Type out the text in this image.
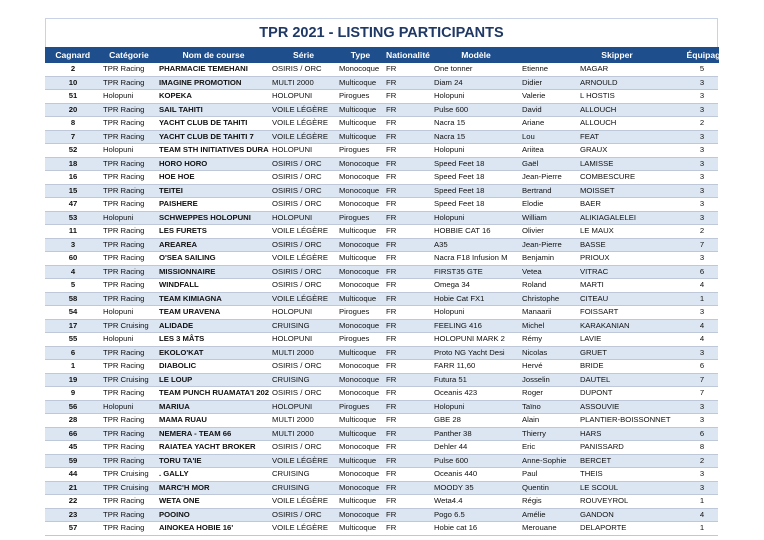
TPR 2021 - LISTING PARTICIPANTS
Cagnard	Catégorie	Nom de course	Série	Type	Nationalité	Modèle		Skipper		Équipage
2	TPR Racing	PHARMACIE TEMEHANI	OSIRIS / ORC	Monocoque	FR	One tonner	Etienne	MAGAR		5
10	TPR Racing	IMAGINE PROMOTION	MULTI 2000	Multicoque	FR	Diam 24	Didier	ARNOULD		3
51	Holopuni	KOPEKA	HOLOPUNI	Pirogues	FR	Holopuni	Valerie	L HOSTIS		3
20	TPR Racing	SAIL TAHITI	VOILE LÉGÈRE	Multicoque	FR	Pulse 600	David	ALLOUCH		3
8	TPR Racing	YACHT CLUB DE TAHITI	VOILE LÉGÈRE	Multicoque	FR	Nacra 15	Ariane	ALLOUCH		2
7	TPR Racing	YACHT CLUB DE TAHITI 7	VOILE LÉGÈRE	Multicoque	FR	Nacra 15	Lou	FEAT		3
52	Holopuni	TEAM STH INITIATIVES DURA	HOLOPUNI	Pirogues	FR	Holopuni	Ariitea	GRAUX		3
18	TPR Racing	HORO HORO	OSIRIS / ORC	Monocoque	FR	Speed Feet 18	Gaël	LAMISSE		3
16	TPR Racing	HOE HOE	OSIRIS / ORC	Monocoque	FR	Speed Feet 18	Jean-Pierre	COMBESCURE		3
15	TPR Racing	TEITEI	OSIRIS / ORC	Monocoque	FR	Speed Feet 18	Bertrand	MOISSET		3
47	TPR Racing	PAISHERE	OSIRIS / ORC	Monocoque	FR	Speed Feet 18	Elodie	BAER		3
53	Holopuni	SCHWEPPES HOLOPUNI	HOLOPUNI	Pirogues	FR	Holopuni	William	ALIKIAGALELEI		3
11	TPR Racing	LES FURETS	VOILE LÉGÈRE	Multicoque	FR	HOBBIE CAT 16	Olivier	LE MAUX		2
3	TPR Racing	AREAREA	OSIRIS / ORC	Monocoque	FR	A35	Jean-Pierre	BASSE		7
60	TPR Racing	O'SEA SAILING	VOILE LÉGÈRE	Multicoque	FR	Nacra F18 Infusion M	Benjamin	PRIOUX		3
4	TPR Racing	MISSIONNAIRE	OSIRIS / ORC	Monocoque	FR	FIRST35 GTE	Vetea	VITRAC		6
5	TPR Racing	WINDFALL	OSIRIS / ORC	Monocoque	FR	Omega 34	Roland	MARTI		4
58	TPR Racing	TEAM KIMIAGNA	VOILE LÉGÈRE	Multicoque	FR	Hobie Cat FX1	Christophe	CITEAU		1
54	Holopuni	TEAM URAVENA	HOLOPUNI	Pirogues	FR	Holopuni	Manaarii	FOISSART		3
17	TPR Cruising	ALIDADE	CRUISING	Monocoque	FR	FEELING 416	Michel	KARAKANIAN		4
55	Holopuni	LES 3 MÂTS	HOLOPUNI	Pirogues	FR	HOLOPUNI MARK 2	Rémy	LAVIE		4
6	TPR Racing	EKOLO'KAT	MULTI 2000	Multicoque	FR	Proto NG Yacht Desi	Nicolas	GRUET		3
1	TPR Racing	DIABOLIC	OSIRIS / ORC	Monocoque	FR	FARR 11,60	Hervé	BRIDE		6
19	TPR Cruising	LE LOUP	CRUISING	Monocoque	FR	Futura 51	Josselin	DAUTEL		7
9	TPR Racing	TEAM PUNCH RUAMATA'I 202	OSIRIS / ORC	Monocoque	FR	Oceanis 423	Roger	DUPONT		7
56	Holopuni	MARIUA	HOLOPUNI	Pirogues	FR	Holopuni	Taïno	ASSOUVIE		3
28	TPR Racing	MAMA RUAU	MULTI 2000	Multicoque	FR	GBE 28	Alain	PLANTIER-BOISSONNET		3
66	TPR Racing	NEMERA - TEAM 66	MULTI 2000	Multicoque	FR	Panther 38	Thierry	HARS		6
45	TPR Racing	RAIATEA YACHT BROKER	OSIRIS / ORC	Monocoque	FR	Dehler 44	Eric	PANISSARD		8
59	TPR Racing	TORU TA'IE	VOILE LÉGÈRE	Multicoque	FR	Pulse 600	Anne-Sophie	BERCET		2
44	TPR Cruising	. GALLY	CRUISING	Monocoque	FR	Oceanis 440	Paul	THEIS		3
21	TPR Cruising	MARC'H MOR	CRUISING	Monocoque	FR	MOODY 35	Quentin	LE SCOUL		3
22	TPR Racing	WETA ONE	VOILE LÉGÈRE	Multicoque	FR	Weta4.4	Régis	ROUVEYROL		1
23	TPR Racing	POOINO	OSIRIS / ORC	Monocoque	FR	Pogo 6.5	Amélie	GANDON		4
57	TPR Racing	AINOKEA HOBIE 16'	VOILE LÉGÈRE	Multicoque	FR	Hobie cat 16	Merouane	DELAPORTE		1
